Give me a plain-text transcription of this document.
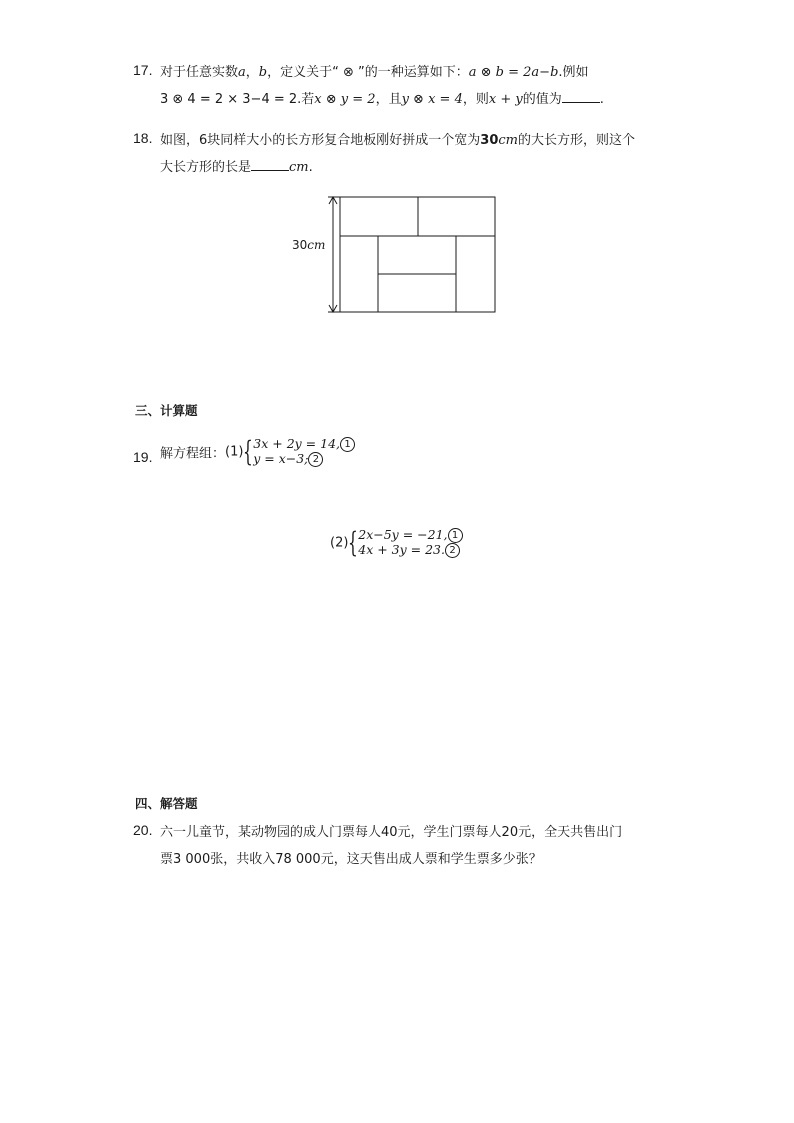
17. 对于任意实数a，b，定义关于“ ⊗ ”的一种运算如下：a ⊗ b = 2a−b.例如
3 ⊗ 4 = 2 × 3−4 = 2.若x ⊗ y = 2，且y ⊗ x = 4，则x + y的值为	.
18. 如图，6块同样大小的长方形复合地板刚好拼成一个宽为30cm的大长方形，则这个
大长方形的长是	cm.
30cm
三、计算题
19. 解方程组：(1){3x + 2y = 14, 1
y = x−3; 2
(2){2x−5y = −21, 1
4x + 3y = 23. 2
四、解答题
20. 六一儿童节，某动物园的成人门票每人40元，学生门票每人20元，全天共售出门
票3 000张，共收入78 000元，这天售出成人票和学生票多少张？
